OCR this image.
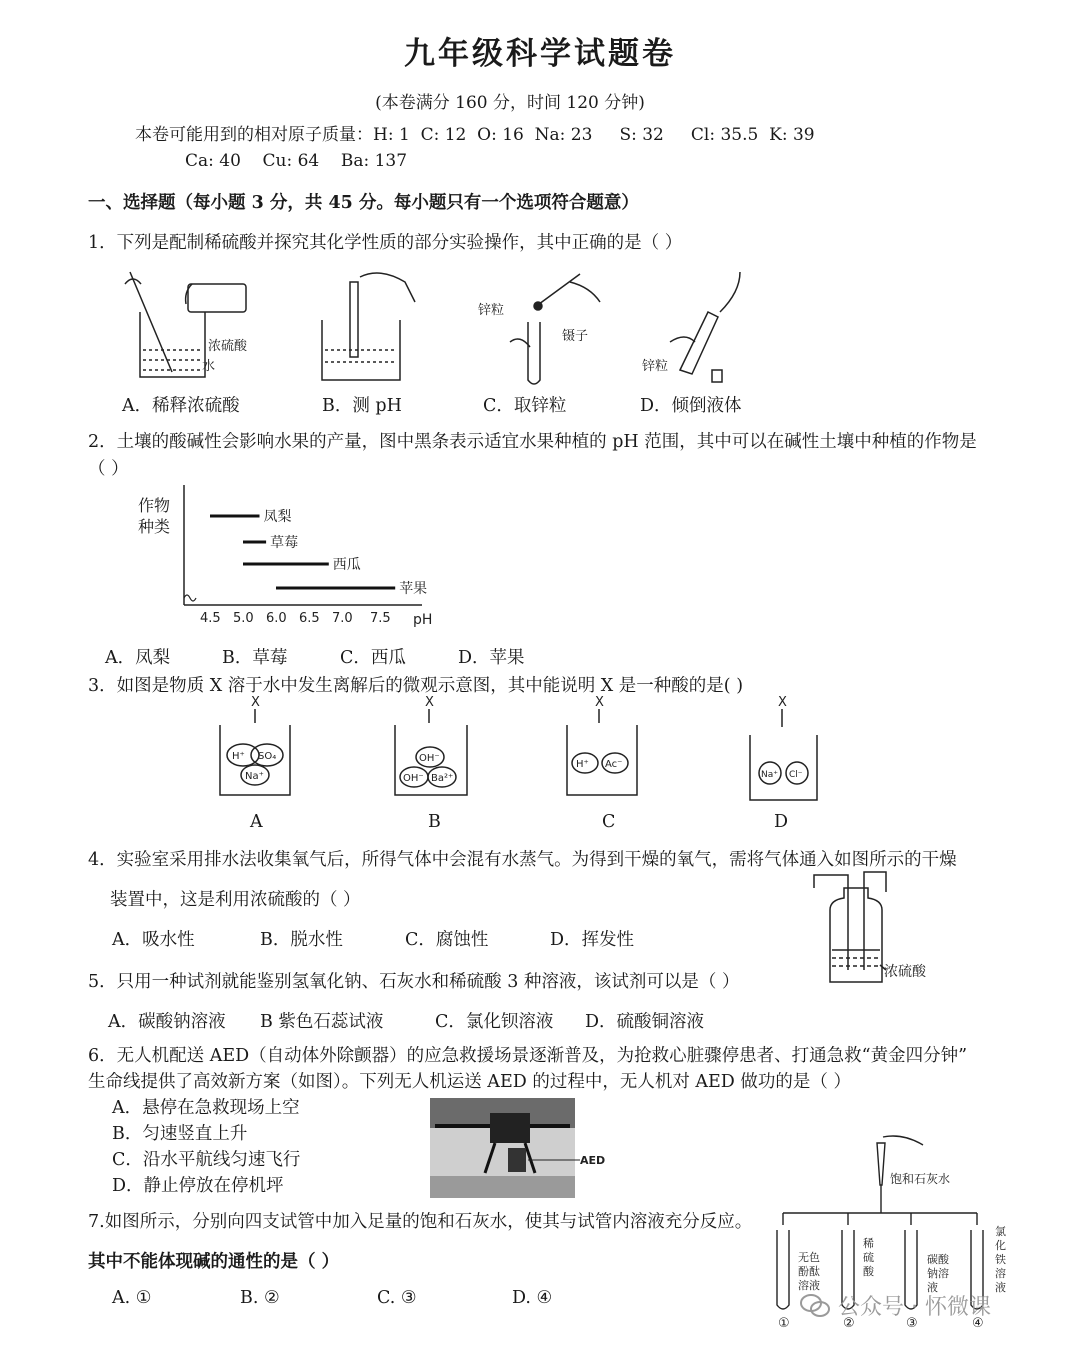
九年级科学试题卷
(本卷满分 160 分，时间 120 分钟)
本卷可能用到的相对原子质量：H: 1  C: 12  O: 16  Na: 23     S: 32     Cl: 35.5  K: 39
Ca: 40    Cu: 64    Ba: 137
一、选择题（每小题 3 分，共 45 分。每小题只有一个选项符合题意）
1．下列是配制稀硫酸并探究其化学性质的部分实验操作，其中正确的是（ ）
浓硫酸
水
锌粒
镊子
锌粒
A．稀释浓硫酸	B．测 pH	C．取锌粒	D．倾倒液体
2．土壤的酸碱性会影响水果的产量，图中黑条表示适宜水果种植的 pH 范围，其中可以在碱性土壤中种植的作物是
（ ）
作物
种类	凤梨
草莓
西瓜
苹果
4.5 5.0 6.0 6.5 7.0 7.5 pH
A．凤梨	B．草莓	C．西瓜	D．苹果
3．如图是物质 X 溶于水中发生离解后的微观示意图，其中能说明 X 是一种酸的是( )
X
H⁺ SO₄
Na⁺
X
OH⁻
OH⁻ Ba²⁺
X
H⁺ Ac⁻
X
Na⁺ Cl⁻
A	B	C	D
4．实验室采用排水法收集氧气后，所得气体中会混有水蒸气。为得到干燥的氧气，需将气体通入如图所示的干燥
装置中，这是利用浓硫酸的（ ）
A．吸水性	B．脱水性	C．腐蚀性	D．挥发性
浓硫酸
5．只用一种试剂就能鉴别氢氧化钠、石灰水和稀硫酸 3 种溶液，该试剂可以是（ ）
A．碳酸钠溶液 B 紫色石蕊试液	C．氯化钡溶液 D．硫酸铜溶液
6．无人机配送 AED（自动体外除颤器）的应急救援场景逐渐普及，为抢救心脏骤停患者、打通急救“黄金四分钟”
生命线提供了高效新方案（如图）。下列无人机运送 AED 的过程中，无人机对 AED 做功的是（ ）
A．悬停在急救现场上空
B．匀速竖直上升
C．沿水平航线匀速飞行
D．静止停放在停机坪
AED
7.如图所示，分别向四支试管中加入足量的饱和石灰水，使其与试管内溶液充分反应。
其中不能体现碱的通性的是（ ）
A. ①	B. ②	C. ③	D. ④
饱和石灰水
无色
酚酞
溶液
稀
硫
酸
碳酸
钠溶
液
氯
化
铁
溶
液
①	②	③	④
公众号 · 怀微课
